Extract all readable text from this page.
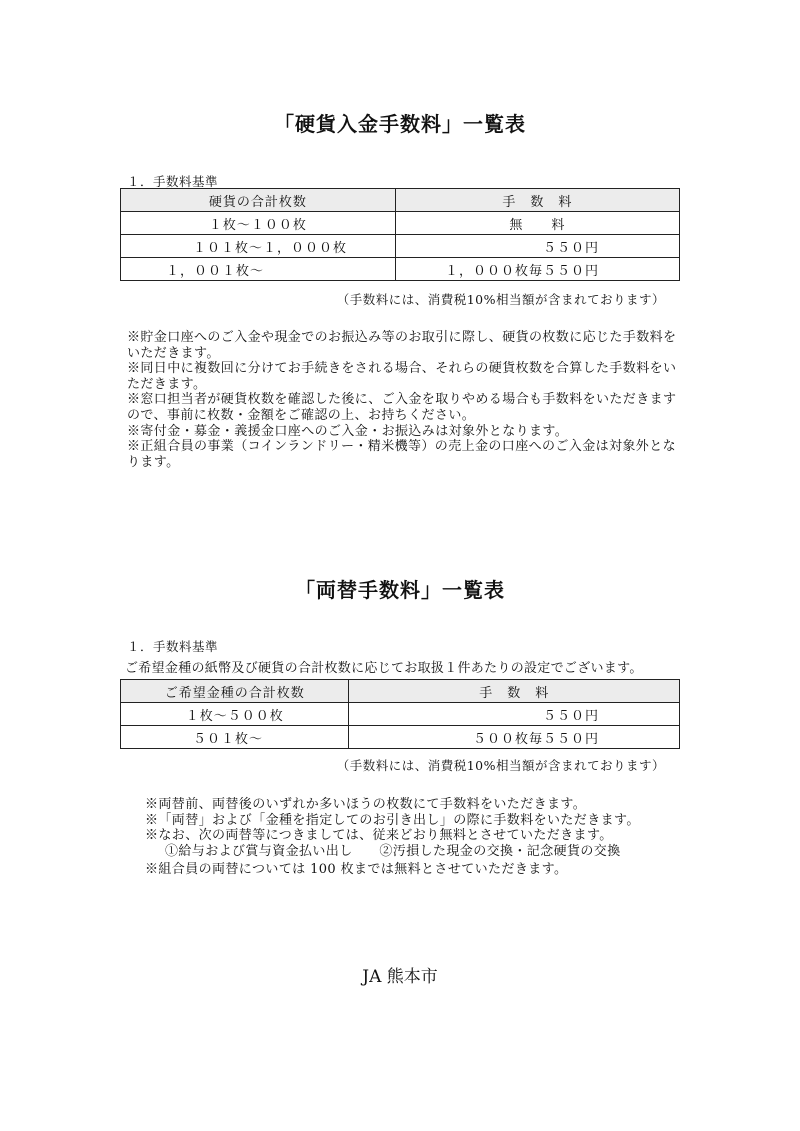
「硬貨入金手数料」一覧表
１．手数料基準
硬貨の合計枚数	手　数　料
１枚～１００枚	無　　料
１０１枚～１，０００枚	５５０円
１，００１枚～	１，０００枚毎５５０円
（手数料には、消費税10%相当額が含まれております）

※貯金口座へのご入金や現金でのお振込み等のお取引に際し、硬貨の枚数に応じた手数料をいただきます。

※同日中に複数回に分けてお手続きをされる場合、それらの硬貨枚数を合算した手数料をいただきます。

※窓口担当者が硬貨枚数を確認した後に、ご入金を取りやめる場合も手数料をいただきますので、事前に枚数・金額をご確認の上、お持ちください。

※寄付金・募金・義援金口座へのご入金・お振込みは対象外となります。

※正組合員の事業（コインランドリー・精米機等）の売上金の口座へのご入金は対象外となります。

「両替手数料」一覧表
１．手数料基準
ご希望金種の紙幣及び硬貨の合計枚数に応じてお取扱１件あたりの設定でございます。
ご希望金種の合計枚数	手　数　料
１枚～５００枚	５５０円
５０１枚～	５００枚毎５５０円
（手数料には、消費税10%相当額が含まれております）

※両替前、両替後のいずれか多いほうの枚数にて手数料をいただきます。

※「両替」および「金種を指定してのお引き出し」の際に手数料をいただきます。

※なお、次の両替等につきましては、従来どおり無料とさせていただきます。

①給与および賞与資金払い出し　　②汚損した現金の交換・記念硬貨の交換

※組合員の両替については 100 枚までは無料とさせていただきます。

JA 熊本市
